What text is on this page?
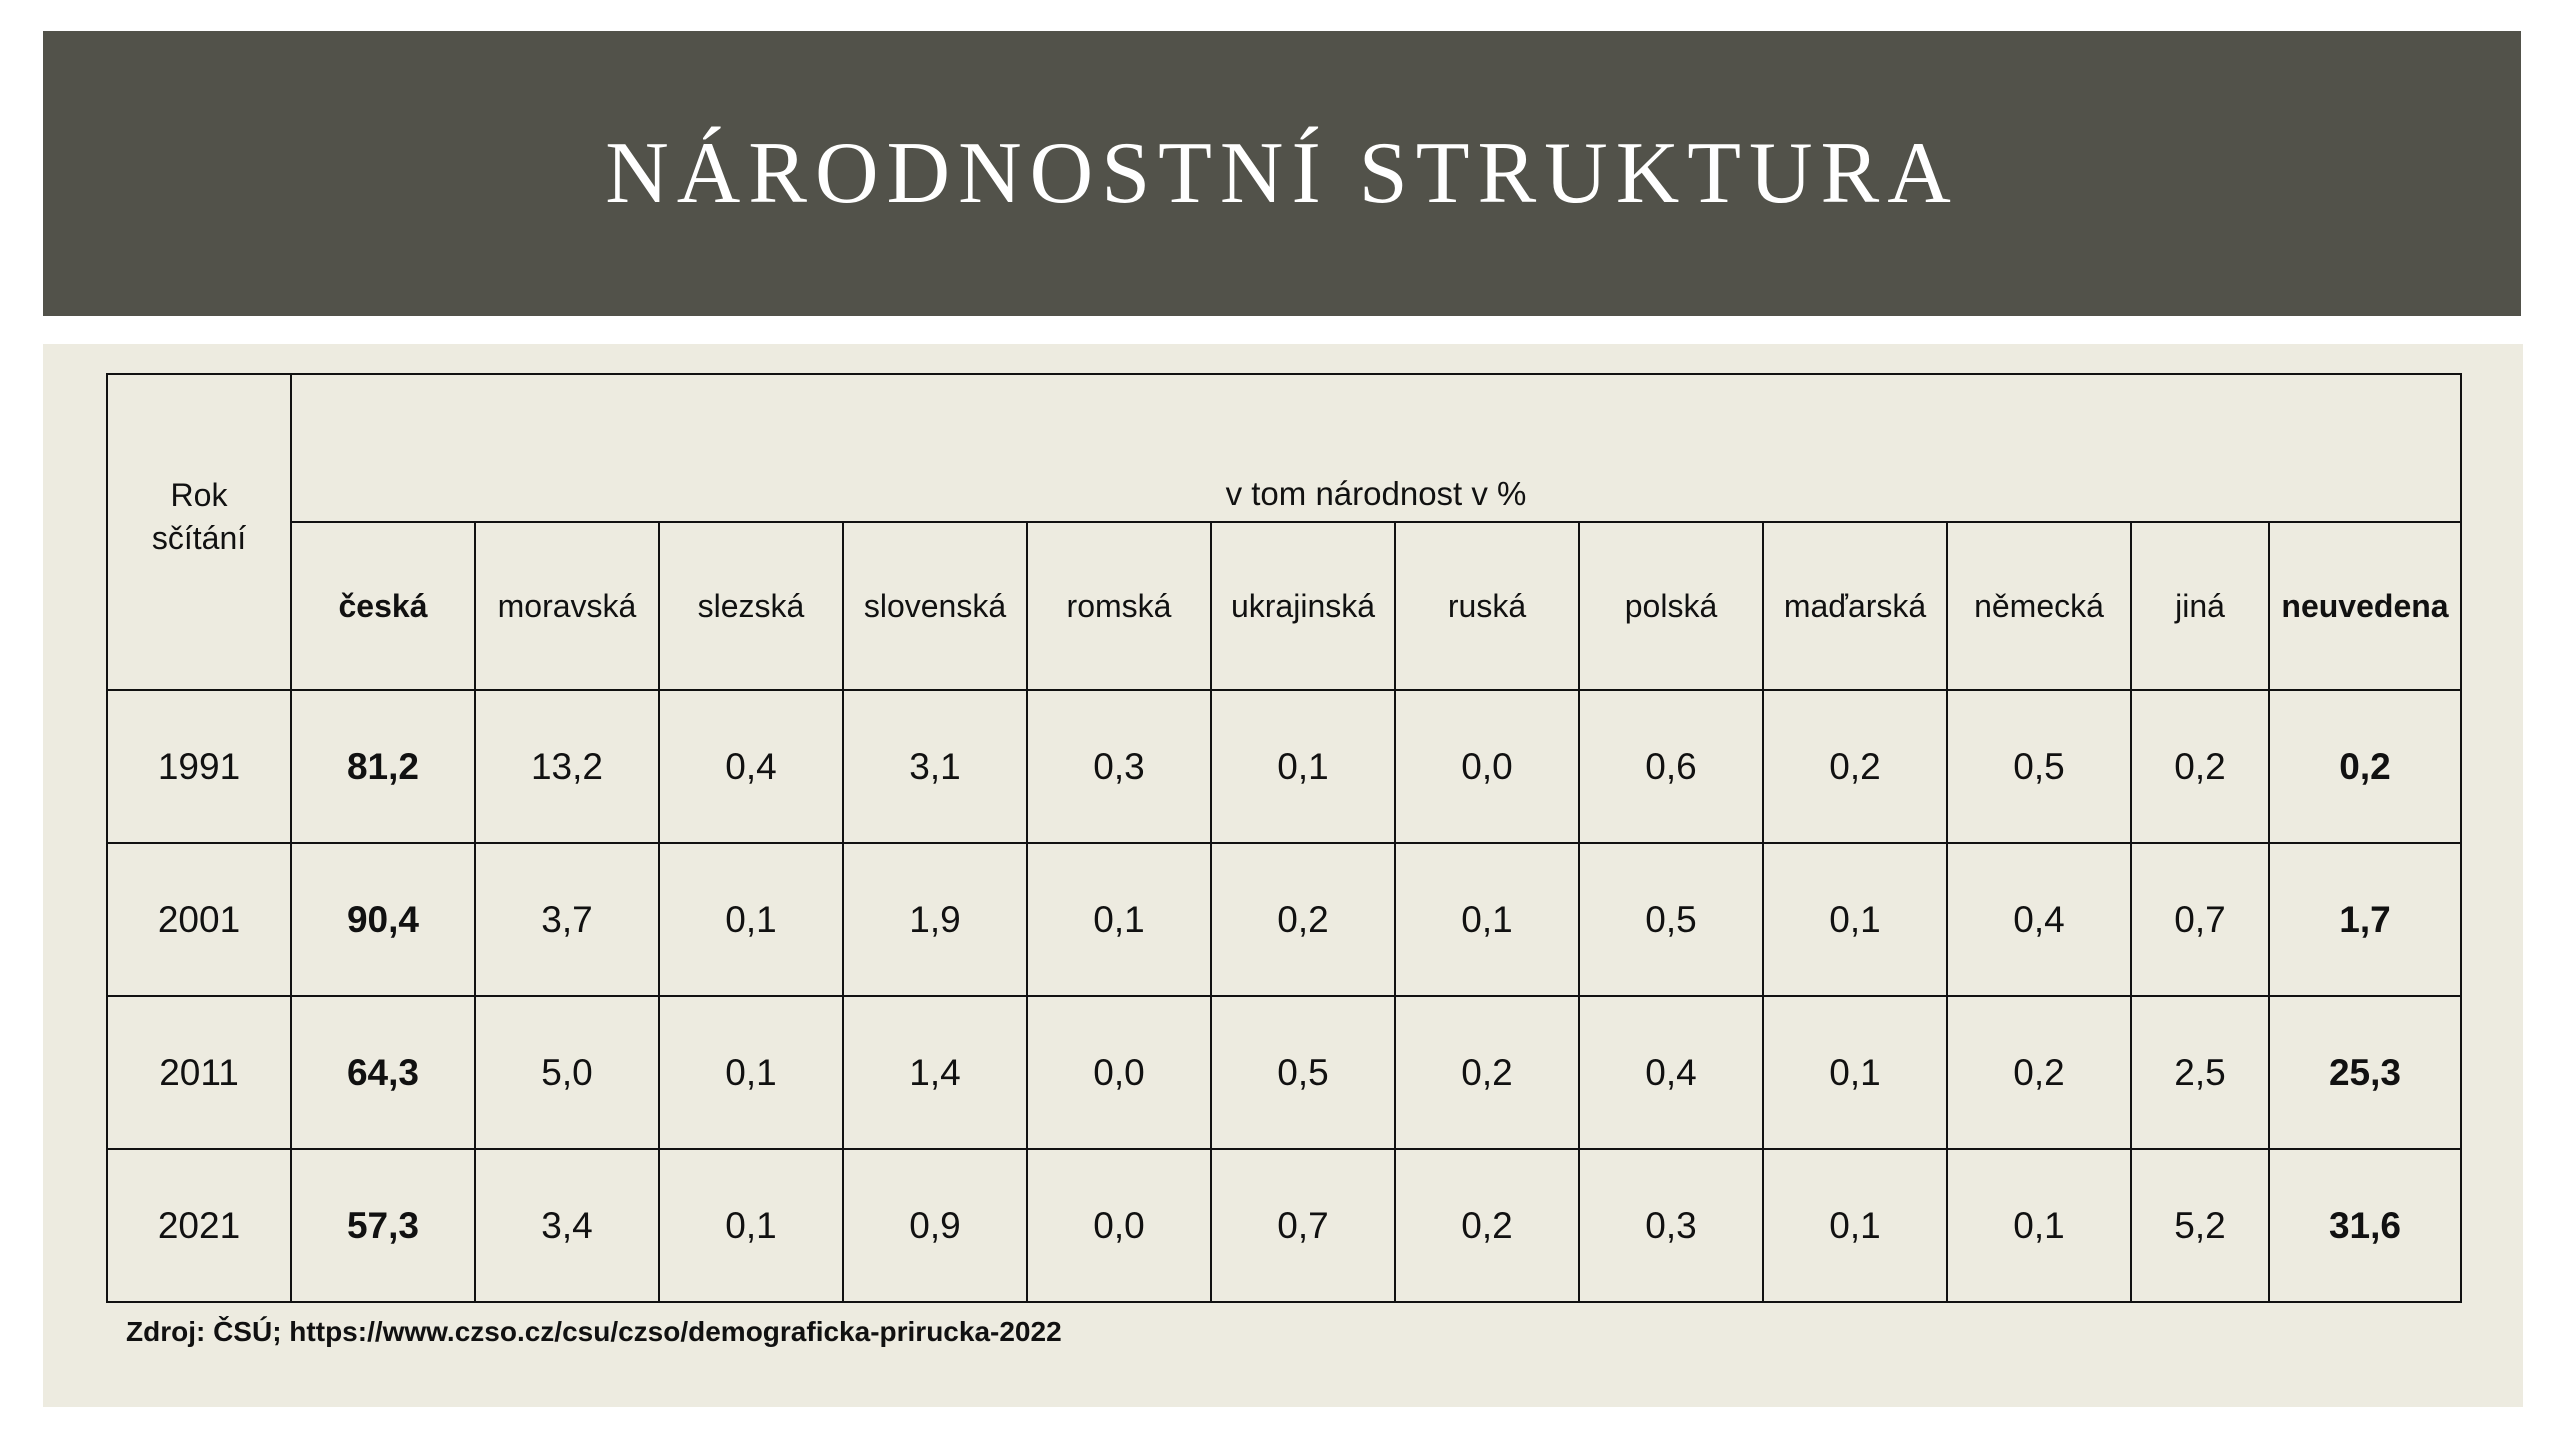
NÁRODNOSTNÍ STRUKTURA
Rok sčítání	v tom národnost v %											
	česká	moravská	slezská	slovenská	romská	ukrajinská	ruská	polská	maďarská	německá	jiná	neuvedena
1991	81,2	13,2	0,4	3,1	0,3	0,1	0,0	0,6	0,2	0,5	0,2	0,2
2001	90,4	3,7	0,1	1,9	0,1	0,2	0,1	0,5	0,1	0,4	0,7	1,7
2011	64,3	5,0	0,1	1,4	0,0	0,5	0,2	0,4	0,1	0,2	2,5	25,3
2021	57,3	3,4	0,1	0,9	0,0	0,7	0,2	0,3	0,1	0,1	5,2	31,6
Zdroj: ČSÚ; https://www.czso.cz/csu/czso/demograficka-prirucka-2022
